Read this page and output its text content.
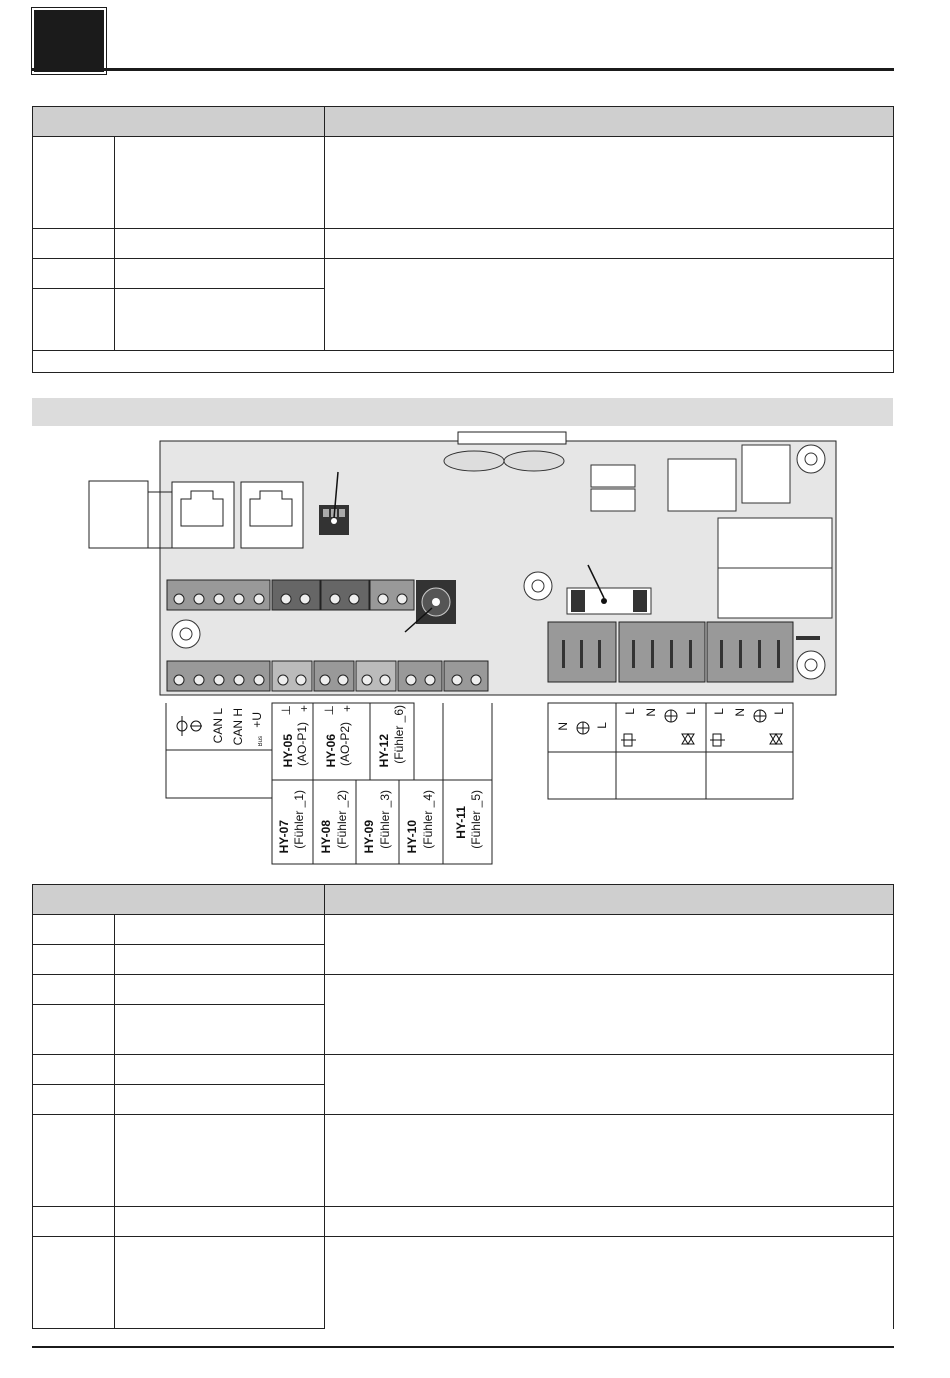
CAN L CAN H +U
Bus
⊥ + ⊥ +
HY-05 (AO-P1) HY-06 (AO-P2) HY-12 (Fühler _6)
HY-07 (Fühler _1) HY-08 (Fühler _2) HY-09 (Fühler _3) HY-10 (Fühler _4) HY-11 (Fühler _5)
N L
L N L L N L
